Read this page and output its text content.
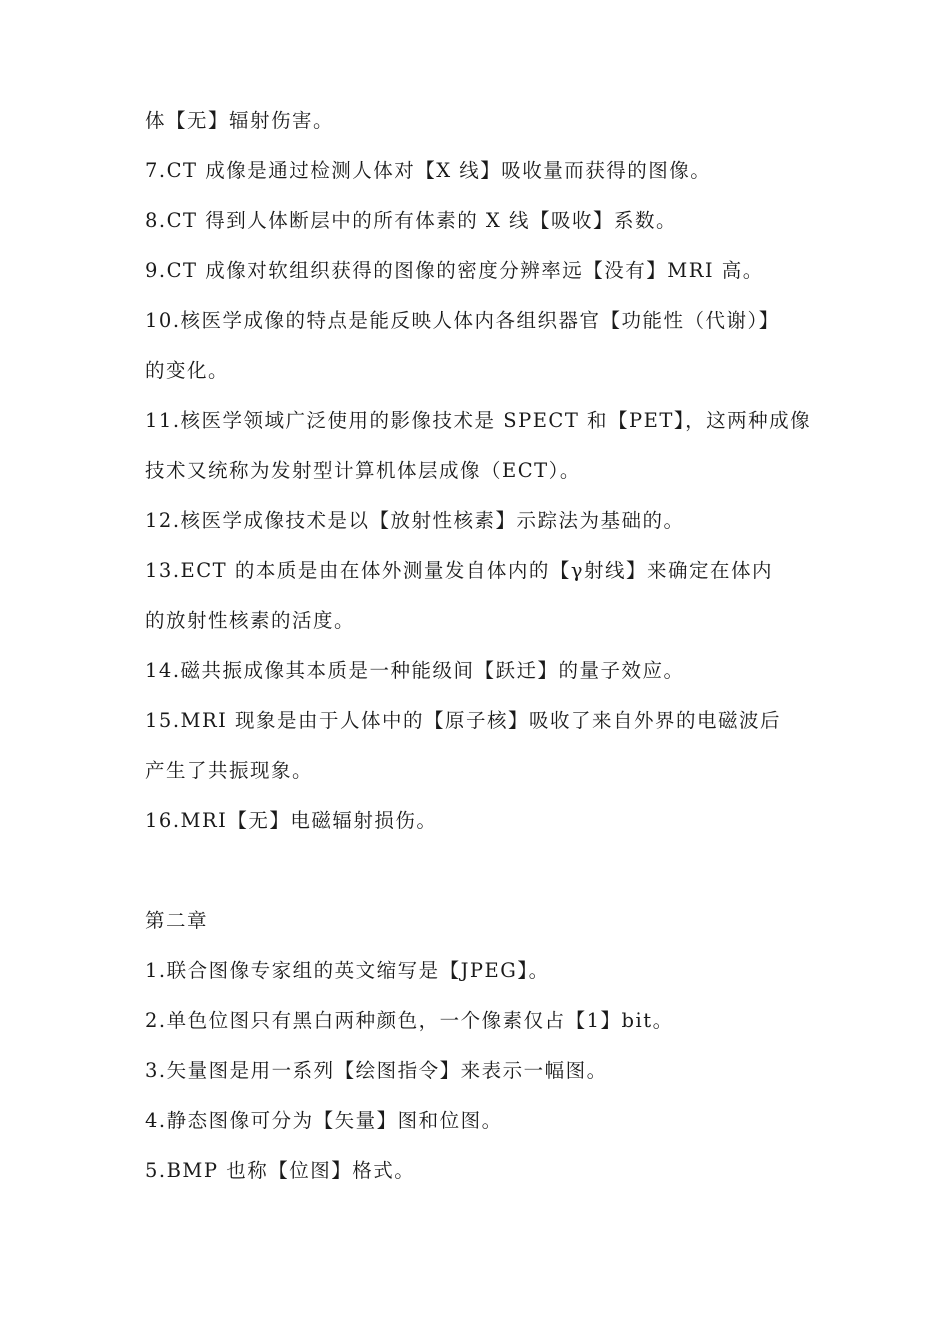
体【无】辐射伤害。
7.CT 成像是通过检测人体对【X 线】吸收量而获得的图像。
8.CT 得到人体断层中的所有体素的 X 线【吸收】系数。
9.CT 成像对软组织获得的图像的密度分辨率远【没有】MRI 高。
10.核医学成像的特点是能反映人体内各组织器官【功能性（代谢）】
的变化。
11.核医学领域广泛使用的影像技术是 SPECT 和【PET】，这两种成像
技术又统称为发射型计算机体层成像（ECT）。
12.核医学成像技术是以【放射性核素】示踪法为基础的。
13.ECT 的本质是由在体外测量发自体内的【γ射线】来确定在体内
的放射性核素的活度。
14.磁共振成像其本质是一种能级间【跃迁】的量子效应。
15.MRI 现象是由于人体中的【原子核】吸收了来自外界的电磁波后
产生了共振现象。
16.MRI【无】电磁辐射损伤。
第二章
1.联合图像专家组的英文缩写是【JPEG】。
2.单色位图只有黑白两种颜色，一个像素仅占【1】bit。
3.矢量图是用一系列【绘图指令】来表示一幅图。
4.静态图像可分为【矢量】图和位图。
5.BMP 也称【位图】格式。
